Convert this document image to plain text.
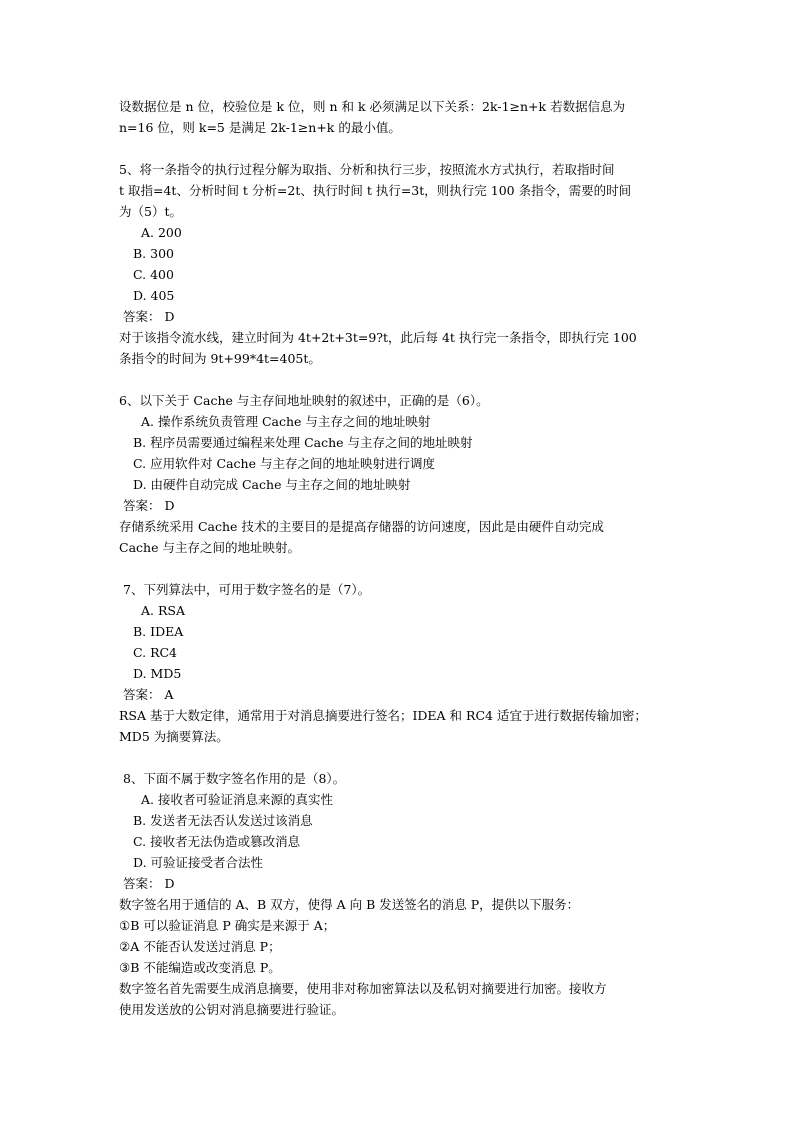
设数据位是 n 位，校验位是 k 位，则 n 和 k 必须满足以下关系：2k-1≥n+k 若数据信息为

n=16 位，则 k=5 是满足 2k-1≥n+k 的最小值。

5、将一条指令的执行过程分解为取指、分析和执行三步，按照流水方式执行，若取指时间

t 取指=4t、分析时间 t 分析=2t、执行时间 t 执行=3t，则执行完 100 条指令，需要的时间

为（5）t。

A. 200

B. 300

C. 400

D. 405

答案： D

对于该指令流水线，建立时间为 4t+2t+3t=9?t，此后每 4t 执行完一条指令，即执行完 100

条指令的时间为 9t+99*4t=405t。

6、以下关于 Cache 与主存间地址映射的叙述中，正确的是（6）。

A. 操作系统负责管理 Cache 与主存之间的地址映射

B. 程序员需要通过编程来处理 Cache 与主存之间的地址映射

C. 应用软件对 Cache 与主存之间的地址映射进行调度

D. 由硬件自动完成 Cache 与主存之间的地址映射

答案： D

存储系统采用 Cache 技术的主要目的是提高存储器的访问速度，因此是由硬件自动完成

Cache 与主存之间的地址映射。

7、下列算法中，可用于数字签名的是（7）。

A. RSA

B. IDEA

C. RC4

D. MD5

答案： A

RSA 基于大数定律，通常用于对消息摘要进行签名；IDEA 和 RC4 适宜于进行数据传输加密；

MD5 为摘要算法。

8、下面不属于数字签名作用的是（8）。

A. 接收者可验证消息来源的真实性

B. 发送者无法否认发送过该消息

C. 接收者无法伪造或篡改消息

D. 可验证接受者合法性

答案： D

数字签名用于通信的 A、B 双方，使得 A 向 B 发送签名的消息 P，提供以下服务：

①B 可以验证消息 P 确实是来源于 A；

②A 不能否认发送过消息 P；

③B 不能编造或改变消息 P。

数字签名首先需要生成消息摘要，使用非对称加密算法以及私钥对摘要进行加密。接收方

使用发送放的公钥对消息摘要进行验证。
